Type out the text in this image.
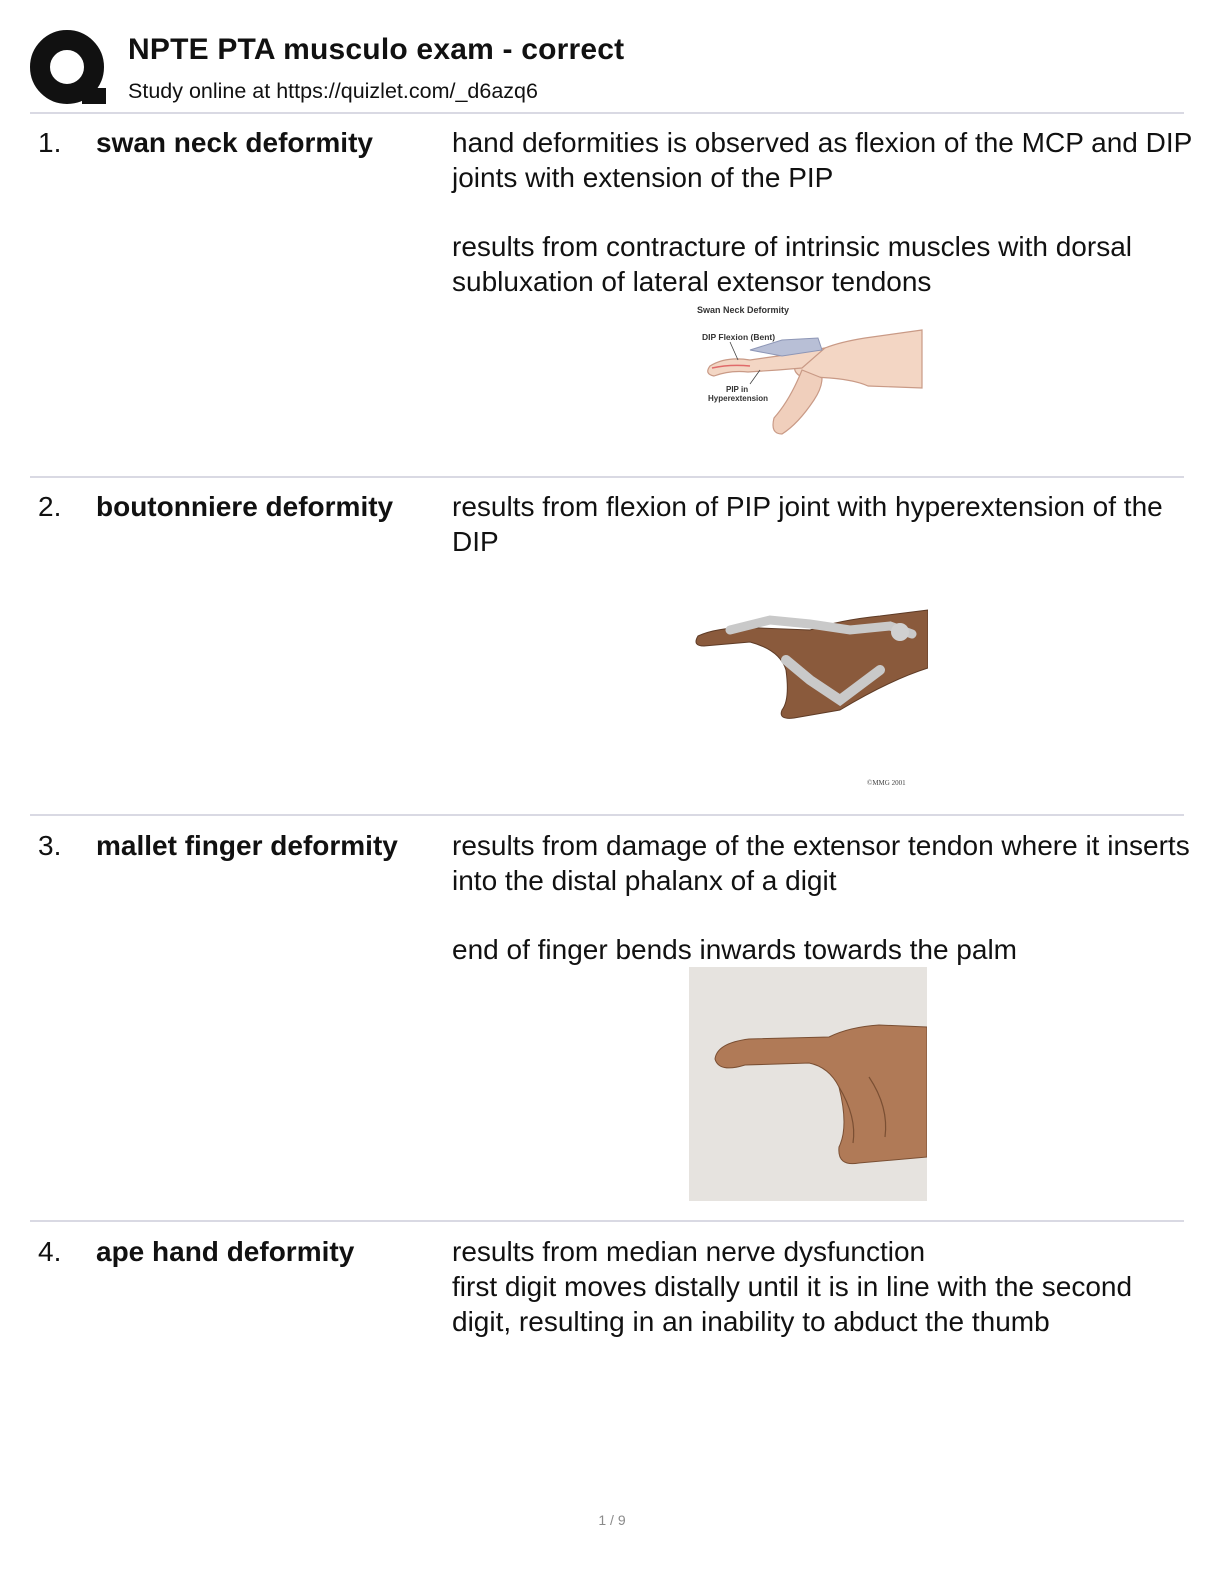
NPTE PTA musculo exam - correct
Study online at https://quizlet.com/_d6azq6
1. swan neck deformity	hand deformities is observed as flexion of the MCP and DIP joints with extension of the PIP

results from contracture of intrinsic muscles with dorsal subluxation of lateral extensor tendons

Swan Neck Deformity
DIP Flexion (Bent)
PIP in
Hyperextension
2. boutonniere deformity results from flexion of PIP joint with hyperextension of the DIP

©MMG 2001
3. mallet finger deformity results from damage of the extensor tendon where it inserts into the distal phalanx of a digit

end of finger bends inwards towards the palm

4. ape hand deformity	results from median nerve dysfunction

first digit moves distally until it is in line with the second digit, resulting in an inability to abduct the thumb

1 / 9
